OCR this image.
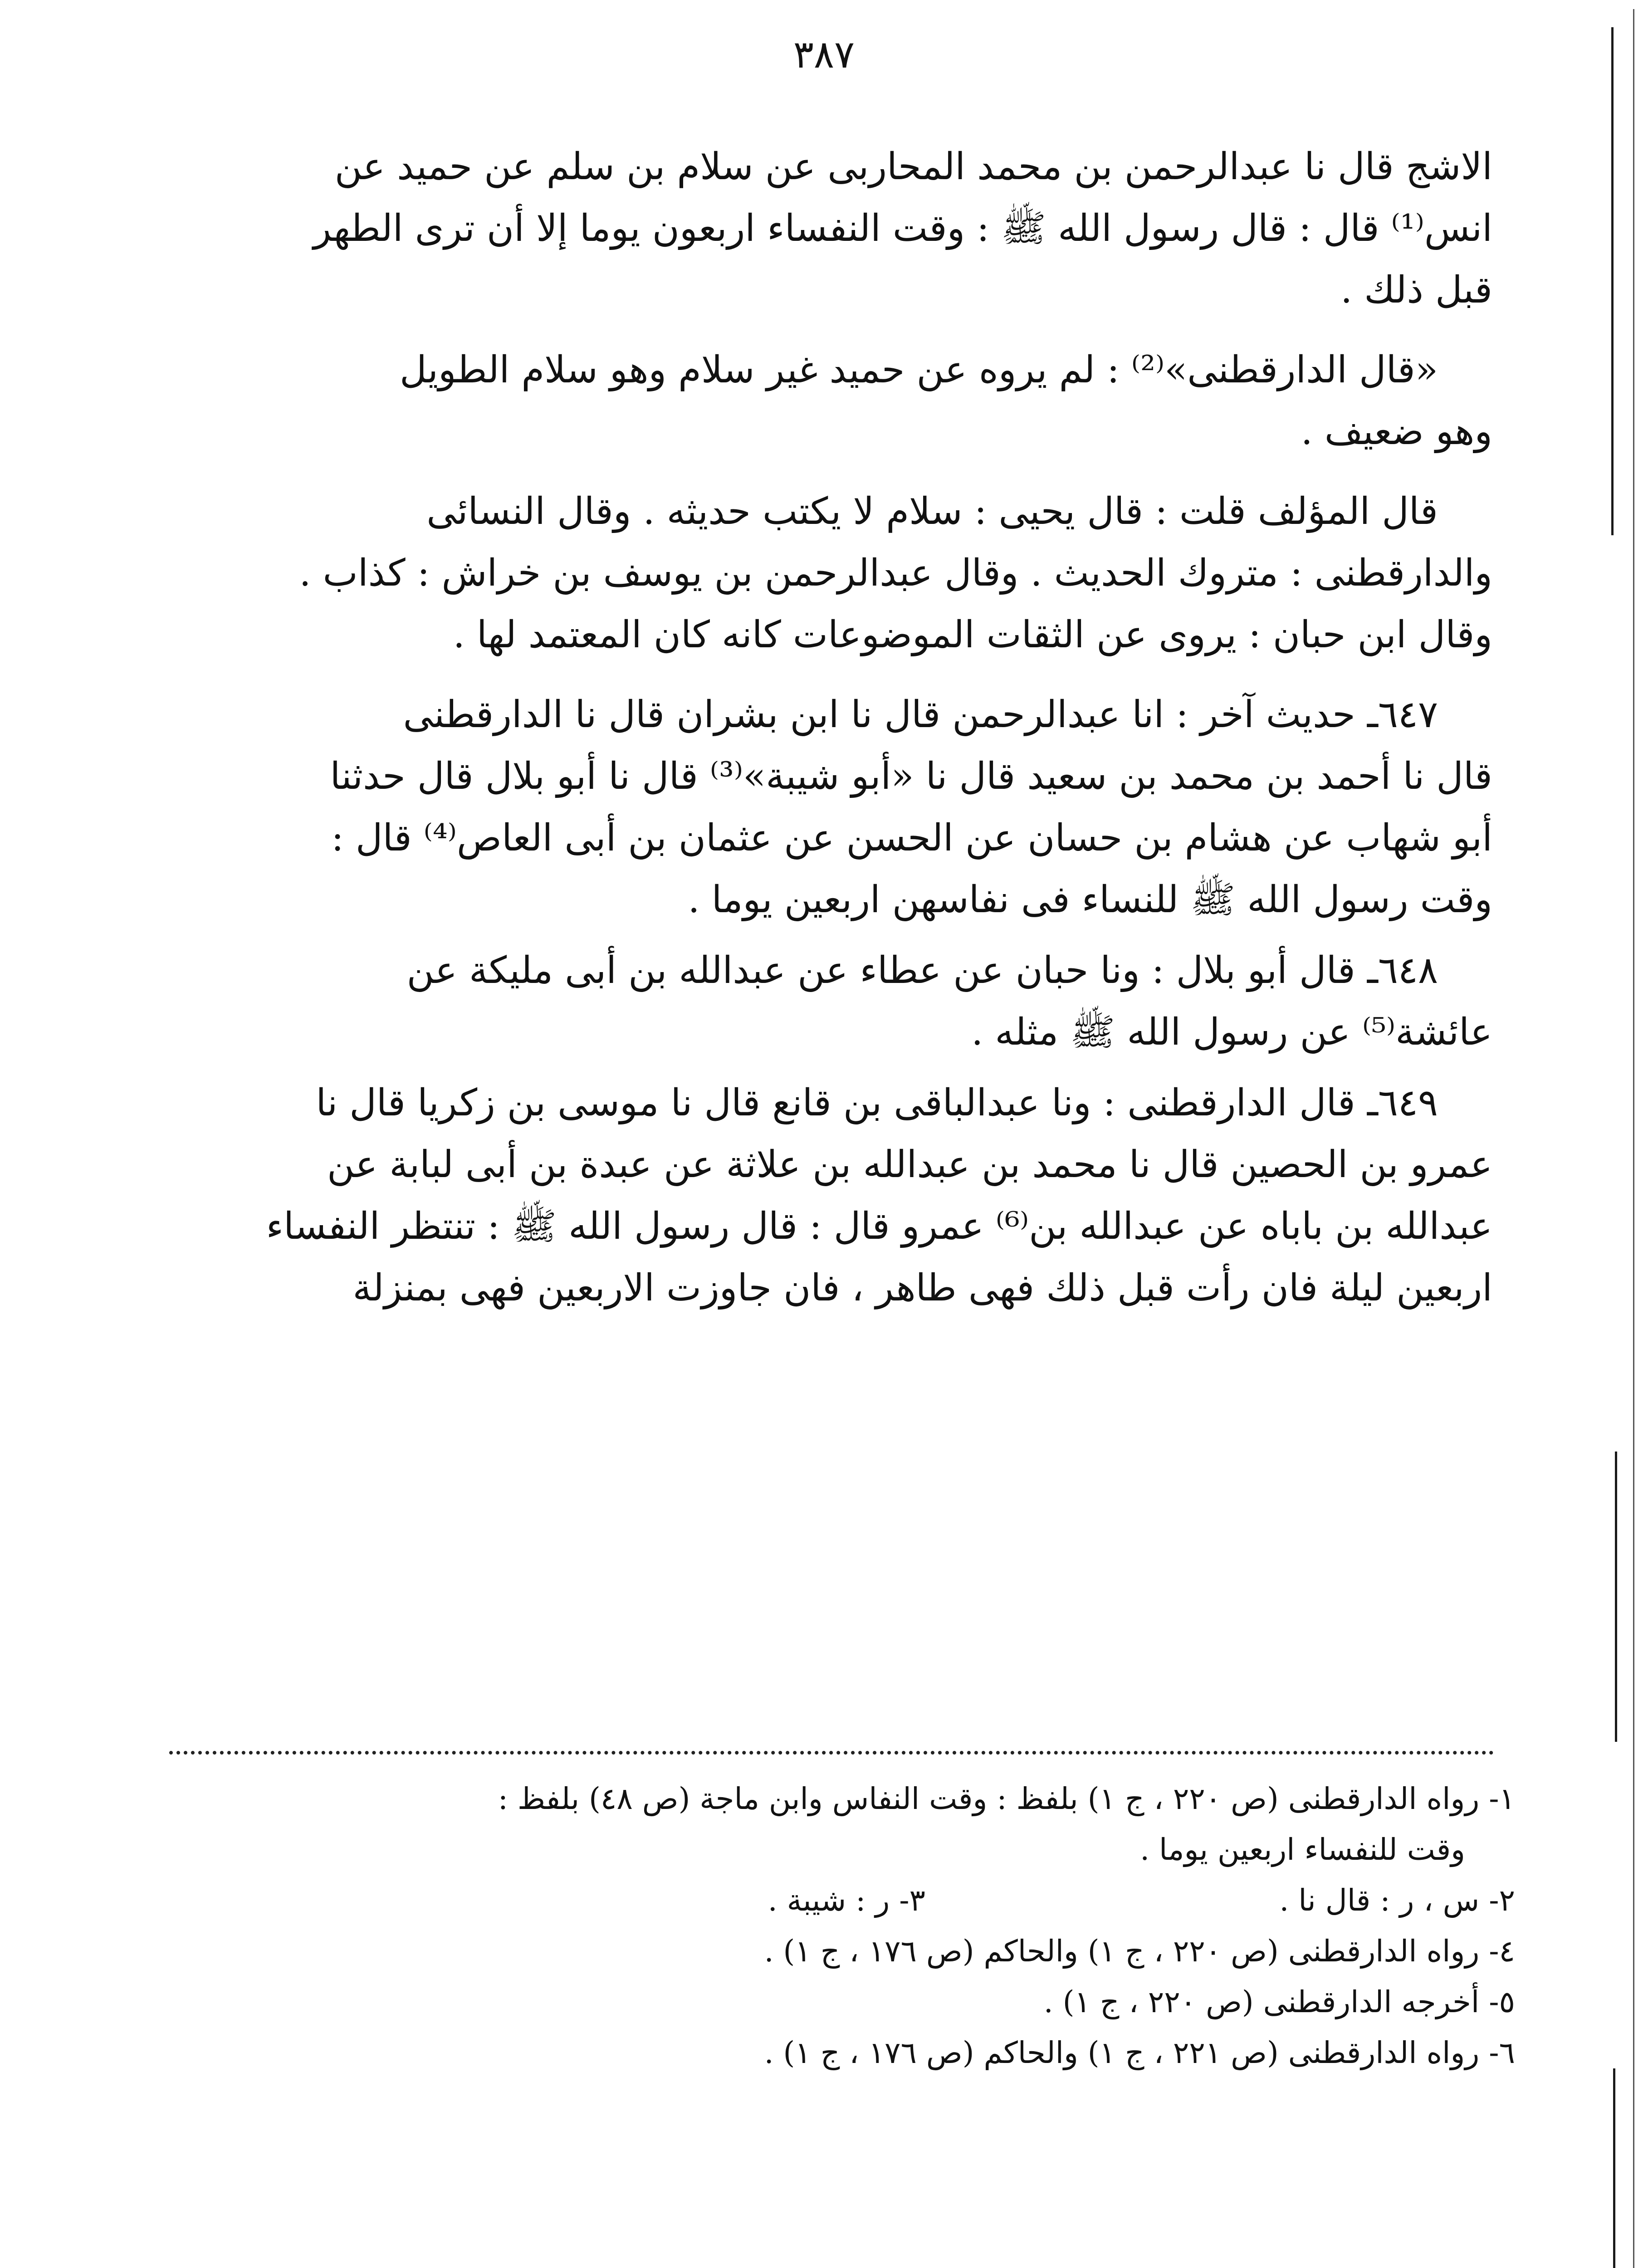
٣٨٧

الاشج قال نا عبدالرحمن بن محمد المحاربى عن سلام بن سلم عن حميد عن
انس⁽¹⁾ قال : قال رسول الله ﷺ : وقت النفساء اربعون يوما إلا أن ترى الطهر
قبل ذلك .

«قال الدارقطنى»⁽²⁾ : لم يروه عن حميد غير سلام وهو سلام الطويل
وهو ضعيف .

قال المؤلف قلت : قال يحيى : سلام لا يكتب حديثه . وقال النسائى
والدارقطنى : متروك الحديث . وقال عبدالرحمن بن يوسف بن خراش : كذاب .
وقال ابن حبان : يروى عن الثقات الموضوعات كانه كان المعتمد لها .

٦٤٧ـ حديث آخر : انا عبدالرحمن قال نا ابن بشران قال نا الدارقطنى
قال نا أحمد بن محمد بن سعيد قال نا «أبو شيبة»⁽³⁾ قال نا أبو بلال قال حدثنا
أبو شهاب عن هشام بن حسان عن الحسن عن عثمان بن أبى العاص⁽⁴⁾ قال :
وقت رسول الله ﷺ للنساء فى نفاسهن اربعين يوما .

٦٤٨ـ قال أبو بلال : ونا حبان عن عطاء عن عبدالله بن أبى مليكة عن
عائشة⁽⁵⁾ عن رسول الله ﷺ مثله .

٦٤٩ـ قال الدارقطنى : ونا عبدالباقى بن قانع قال نا موسى بن زكريا قال نا
عمرو بن الحصين قال نا محمد بن عبدالله بن علاثة عن عبدة بن أبى لبابة عن
عبدالله بن باباه عن عبدالله بن⁽⁶⁾ عمرو قال : قال رسول الله ﷺ : تنتظر النفساء
اربعين ليلة فان رأت قبل ذلك فهى طاهر ، فان جاوزت الاربعين فهى بمنزلة

١- رواه الدارقطنى (ص ٢٢٠ ، ج ١) بلفظ : وقت النفاس وابن ماجة (ص ٤٨) بلفظ :
وقت للنفساء اربعين يوما .
٢- س ، ر : قال نا .
٣- ر : شيبة .
٤- رواه الدارقطنى (ص ٢٢٠ ، ج ١) والحاكم (ص ١٧٦ ، ج ١) .
٥- أخرجه الدارقطنى (ص ٢٢٠ ، ج ١) .
٦- رواه الدارقطنى (ص ٢٢١ ، ج ١) والحاكم (ص ١٧٦ ، ج ١) .
